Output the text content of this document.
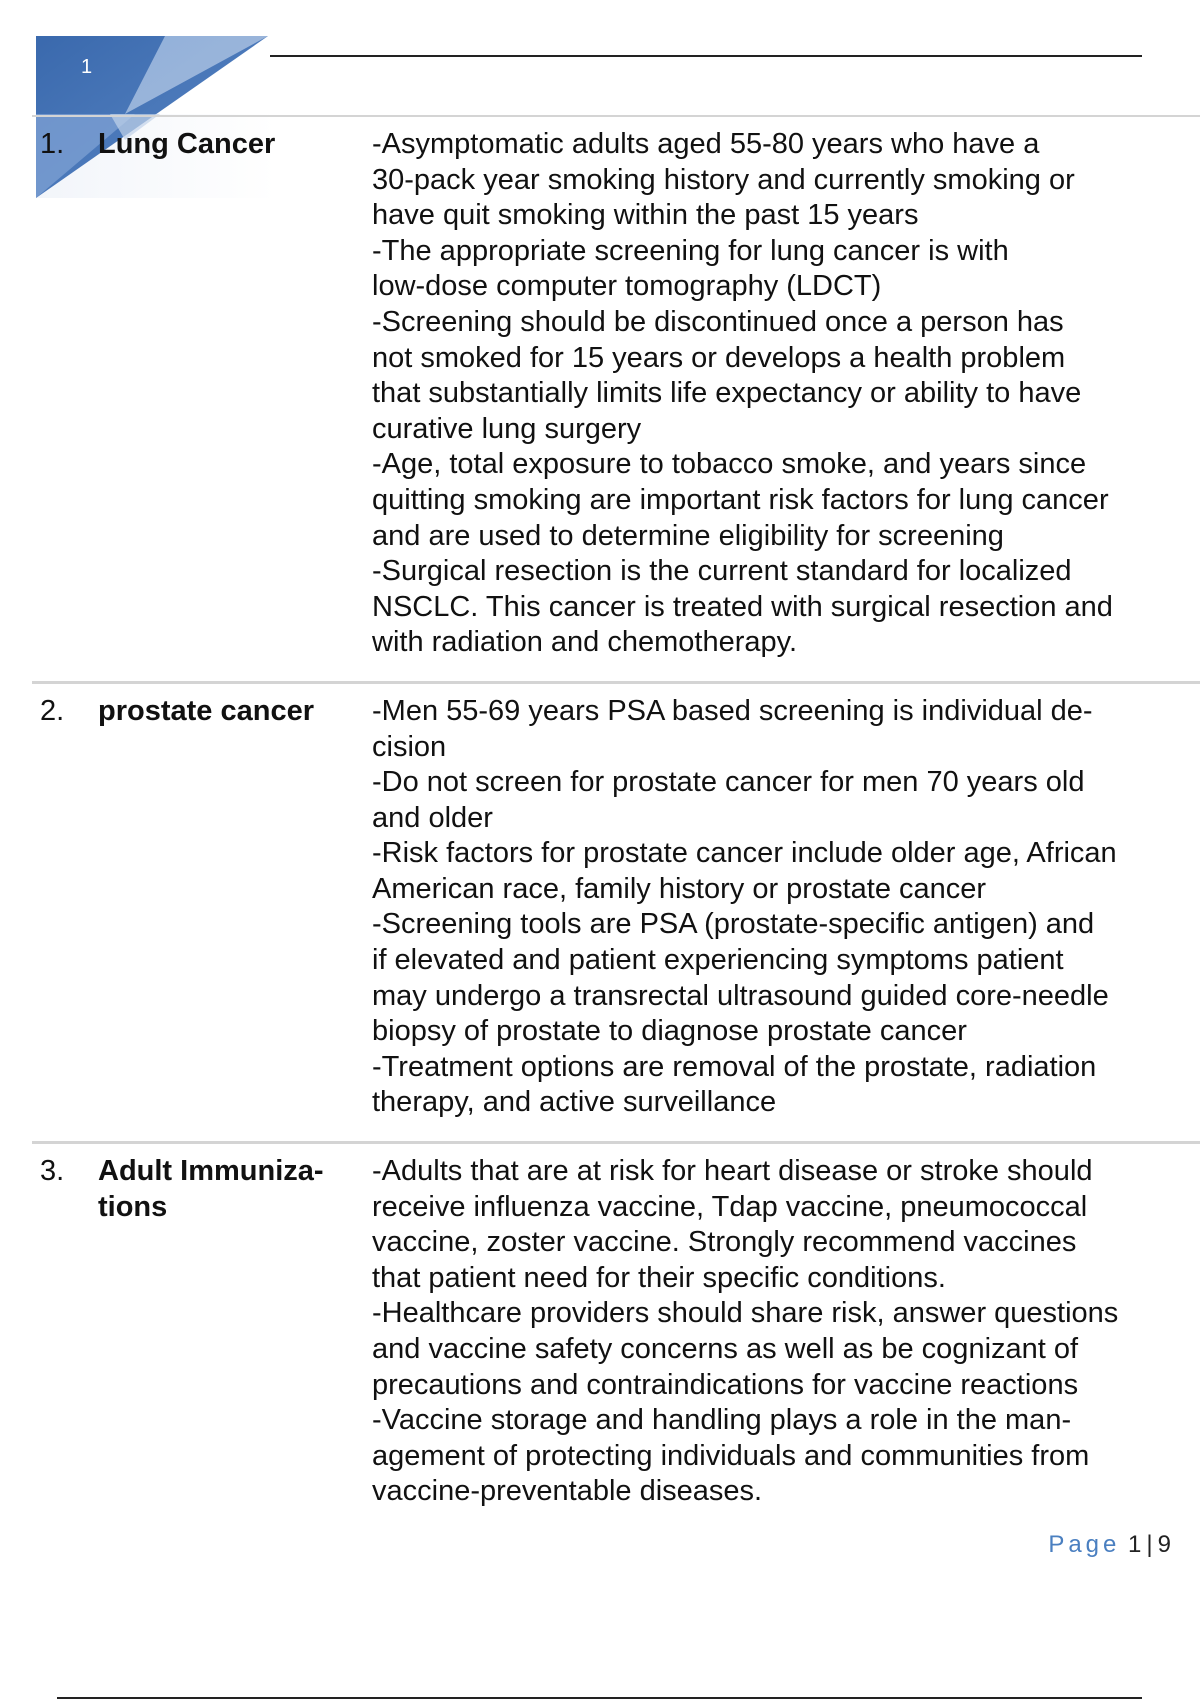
1
1.	Lung Cancer	-Asymptomatic adults aged 55-80 years who have a
30-pack year smoking history and currently smoking or
have quit smoking within the past 15 years
-The appropriate screening for lung cancer is with
low-dose computer tomography (LDCT)
-Screening should be discontinued once a person has
not smoked for 15 years or develops a health problem
that substantially limits life expectancy or ability to have
curative lung surgery
-Age, total exposure to tobacco smoke, and years since
quitting smoking are important risk factors for lung cancer
and are used to determine eligibility for screening
-Surgical resection is the current standard for localized
NSCLC. This cancer is treated with surgical resection and
with radiation and chemotherapy.
2.	prostate cancer	-Men 55-69 years PSA based screening is individual de-
cision
-Do not screen for prostate cancer for men 70 years old
and older
-Risk factors for prostate cancer include older age, African
American race, family history or prostate cancer
-Screening tools are PSA (prostate-specific antigen) and
if elevated and patient experiencing symptoms patient
may undergo a transrectal ultrasound guided core-needle
biopsy of prostate to diagnose prostate cancer
-Treatment options are removal of the prostate, radiation
therapy, and active surveillance
3.	Adult Immuniza-
tions
-Adults that are at risk for heart disease or stroke should
receive influenza vaccine, Tdap vaccine, pneumococcal
vaccine, zoster vaccine. Strongly recommend vaccines
that patient need for their specific conditions.
-Healthcare providers should share risk, answer questions
and vaccine safety concerns as well as be cognizant of
precautions and contraindications for vaccine reactions
-Vaccine storage and handling plays a role in the man-
agement of protecting individuals and communities from
vaccine-preventable diseases.
Page 1 | 9
